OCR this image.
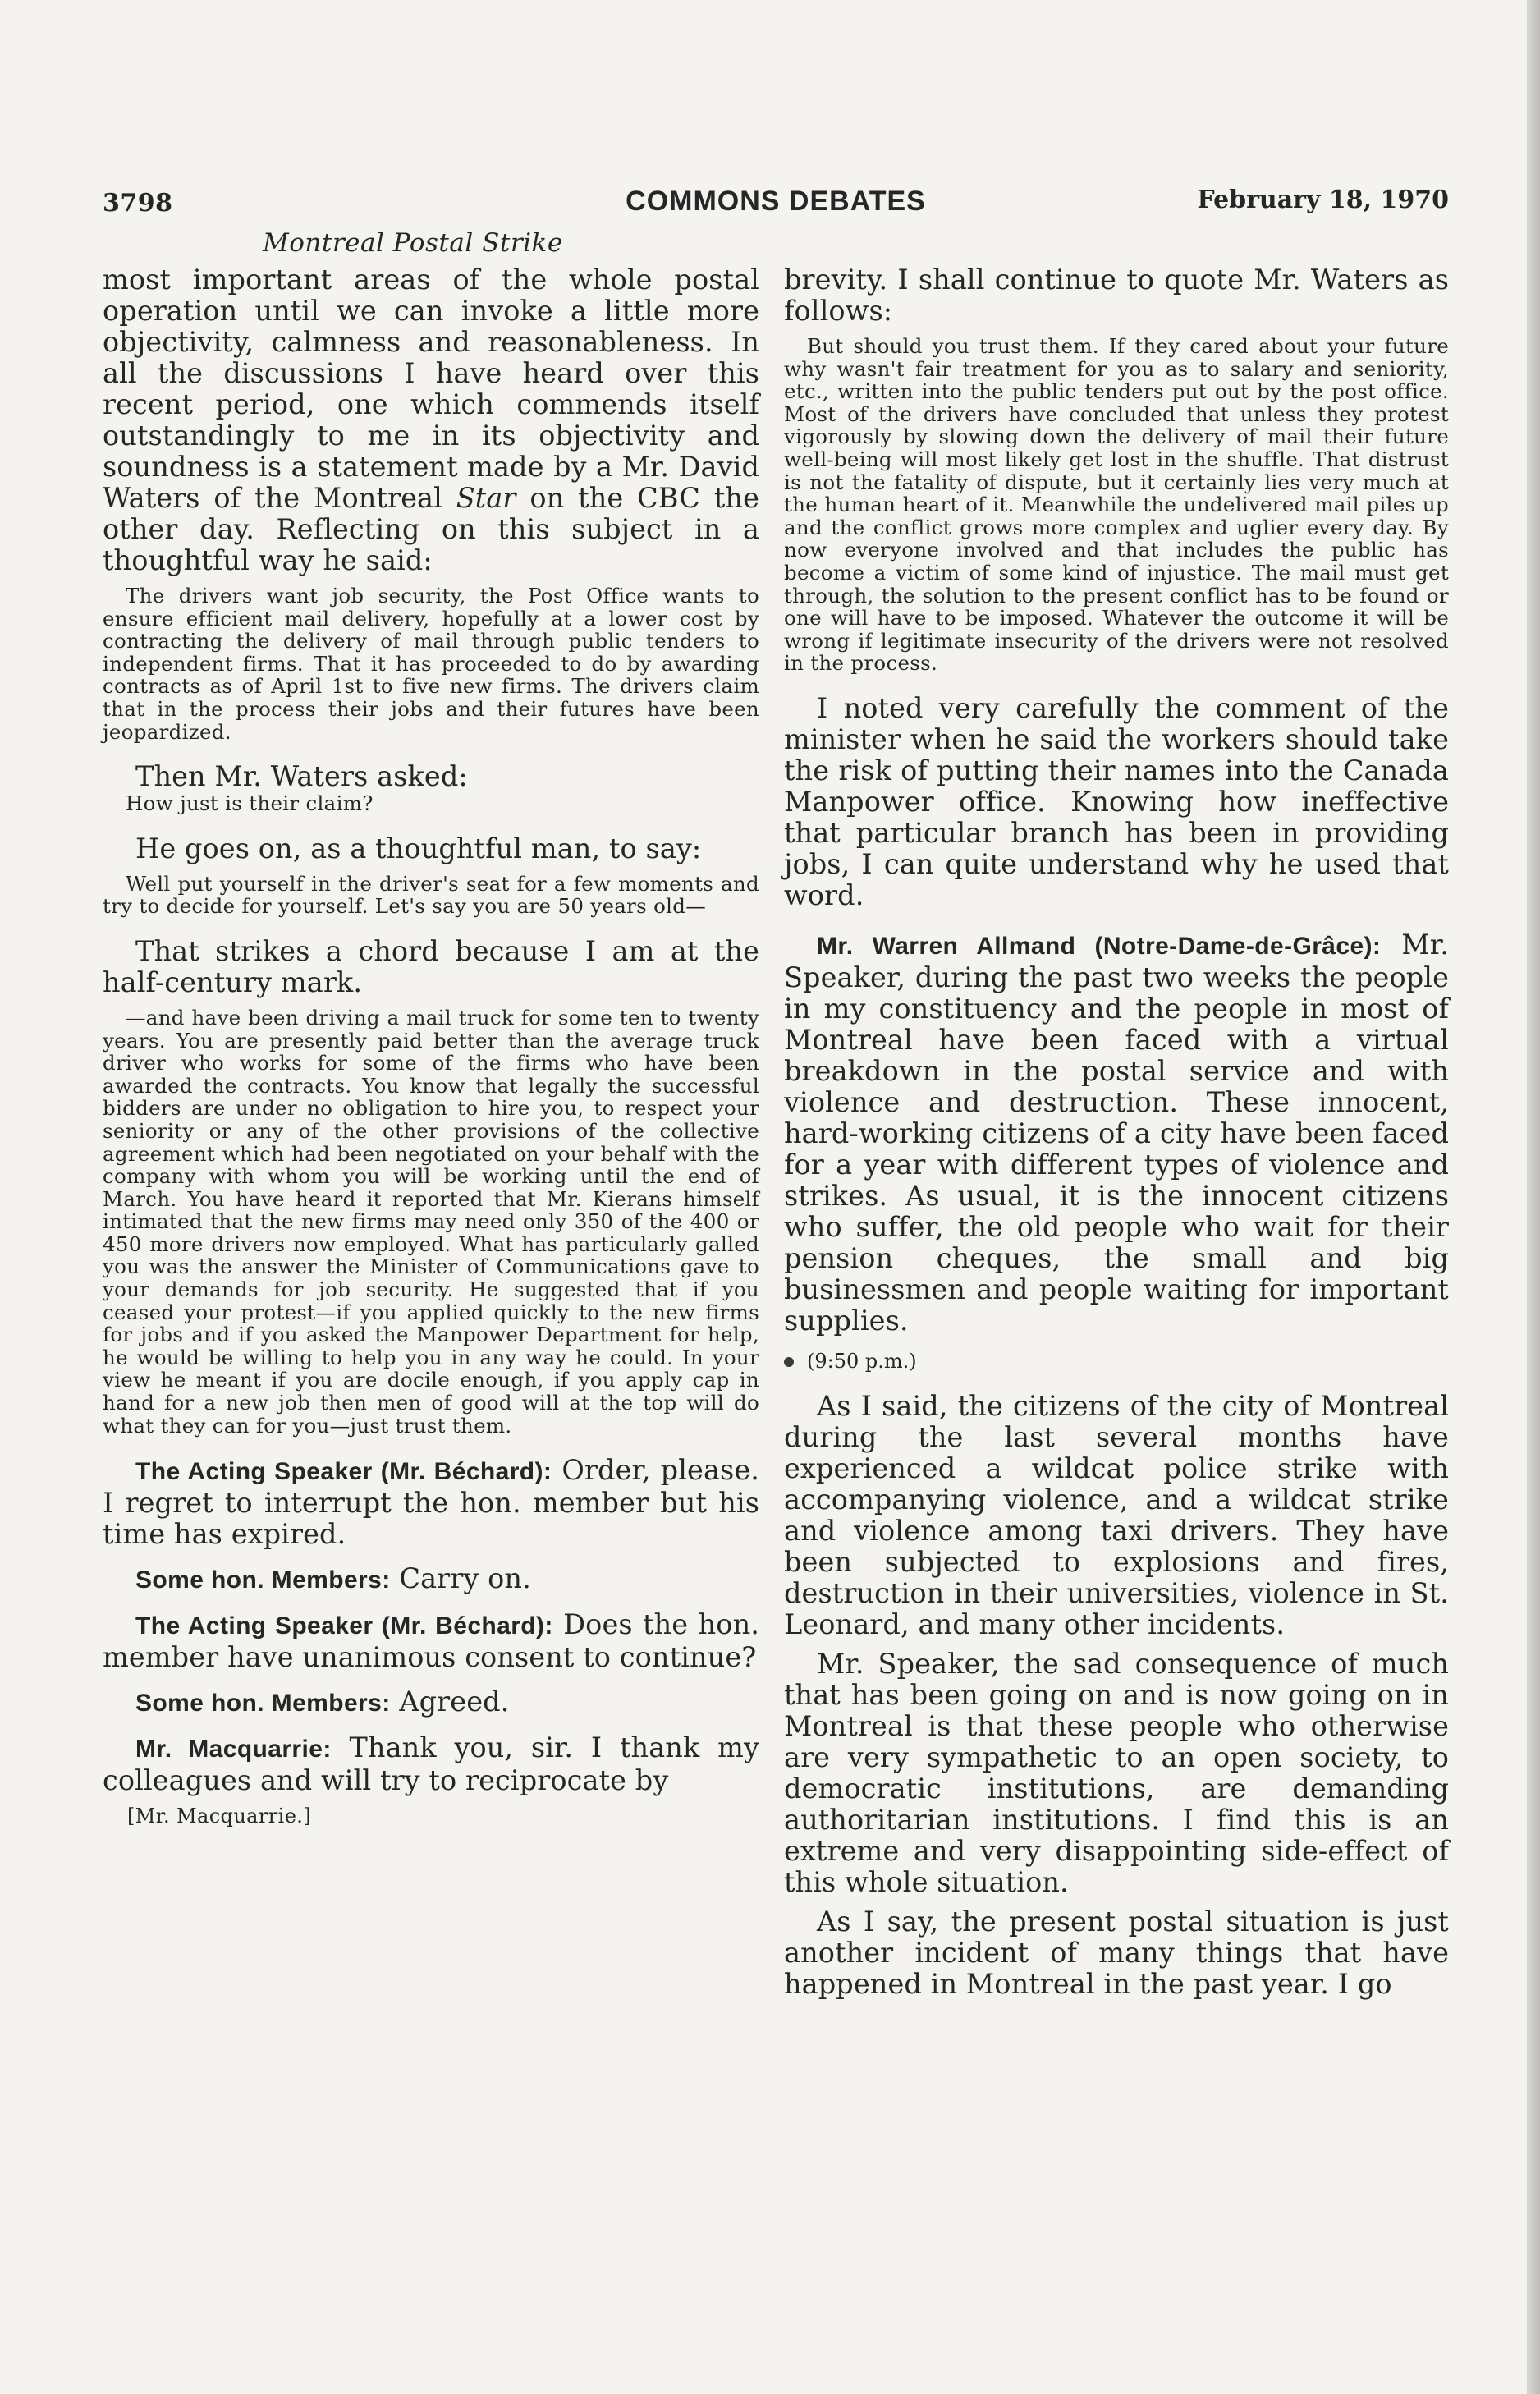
3798	COMMONS DEBATES	February 18, 1970
Montreal Postal Strike

most important areas of the whole postal operation until we can invoke a little more objectivity, calmness and reasonableness. In all the discussions I have heard over this recent period, one which commends itself outstandingly to me in its objectivity and soundness is a statement made by a Mr. David Waters of the Montreal Star on the CBC the other day. Reflecting on this subject in a thoughtful way he said:

The drivers want job security, the Post Office wants to ensure efficient mail delivery, hopefully at a lower cost by contracting the delivery of mail through public tenders to independent firms. That it has proceeded to do by awarding contracts as of April 1st to five new firms. The drivers claim that in the process their jobs and their futures have been jeopardized.

Then Mr. Waters asked:

How just is their claim?

He goes on, as a thoughtful man, to say:

Well put yourself in the driver's seat for a few moments and try to decide for yourself. Let's say you are 50 years old—

That strikes a chord because I am at the half-century mark.

—and have been driving a mail truck for some ten to twenty years. You are presently paid better than the average truck driver who works for some of the firms who have been awarded the contracts. You know that legally the successful bidders are under no obligation to hire you, to respect your seniority or any of the other provisions of the collective agreement which had been negotiated on your behalf with the company with whom you will be working until the end of March. You have heard it reported that Mr. Kierans himself intimated that the new firms may need only 350 of the 400 or 450 more drivers now employed. What has particularly galled you was the answer the Minister of Communications gave to your demands for job security. He suggested that if you ceased your protest—if you applied quickly to the new firms for jobs and if you asked the Manpower Department for help, he would be willing to help you in any way he could. In your view he meant if you are docile enough, if you apply cap in hand for a new job then men of good will at the top will do what they can for you—just trust them.

The Acting Speaker (Mr. Béchard): Order, please. I regret to interrupt the hon. member but his time has expired.

Some hon. Members: Carry on.

The Acting Speaker (Mr. Béchard): Does the hon. member have unanimous consent to continue?

Some hon. Members: Agreed.

Mr. Macquarrie: Thank you, sir. I thank my colleagues and will try to reciprocate by

[Mr. Macquarrie.]

brevity. I shall continue to quote Mr. Waters as follows:

But should you trust them. If they cared about your future why wasn't fair treatment for you as to salary and seniority, etc., written into the public tenders put out by the post office. Most of the drivers have concluded that unless they protest vigorously by slowing down the delivery of mail their future well-being will most likely get lost in the shuffle. That distrust is not the fatality of dispute, but it certainly lies very much at the human heart of it. Meanwhile the undelivered mail piles up and the conflict grows more complex and uglier every day. By now everyone involved and that includes the public has become a victim of some kind of injustice. The mail must get through, the solution to the present conflict has to be found or one will have to be imposed. Whatever the outcome it will be wrong if legitimate insecurity of the drivers were not resolved in the process.

I noted very carefully the comment of the minister when he said the workers should take the risk of putting their names into the Canada Manpower office. Knowing how ineffective that particular branch has been in providing jobs, I can quite understand why he used that word.

Mr. Warren Allmand (Notre-Dame-de-Grâce): Mr. Speaker, during the past two weeks the people in my constituency and the people in most of Montreal have been faced with a virtual breakdown in the postal service and with violence and destruction. These innocent, hard-working citizens of a city have been faced for a year with different types of violence and strikes. As usual, it is the innocent citizens who suffer, the old people who wait for their pension cheques, the small and big businessmen and people waiting for important supplies.

(9:50 p.m.)

As I said, the citizens of the city of Montreal during the last several months have experienced a wildcat police strike with accompanying violence, and a wildcat strike and violence among taxi drivers. They have been subjected to explosions and fires, destruction in their universities, violence in St. Leonard, and many other incidents.

Mr. Speaker, the sad consequence of much that has been going on and is now going on in Montreal is that these people who otherwise are very sympathetic to an open society, to democratic institutions, are demanding authoritarian institutions. I find this is an extreme and very disappointing side-effect of this whole situation.

As I say, the present postal situation is just another incident of many things that have happened in Montreal in the past year. I go
